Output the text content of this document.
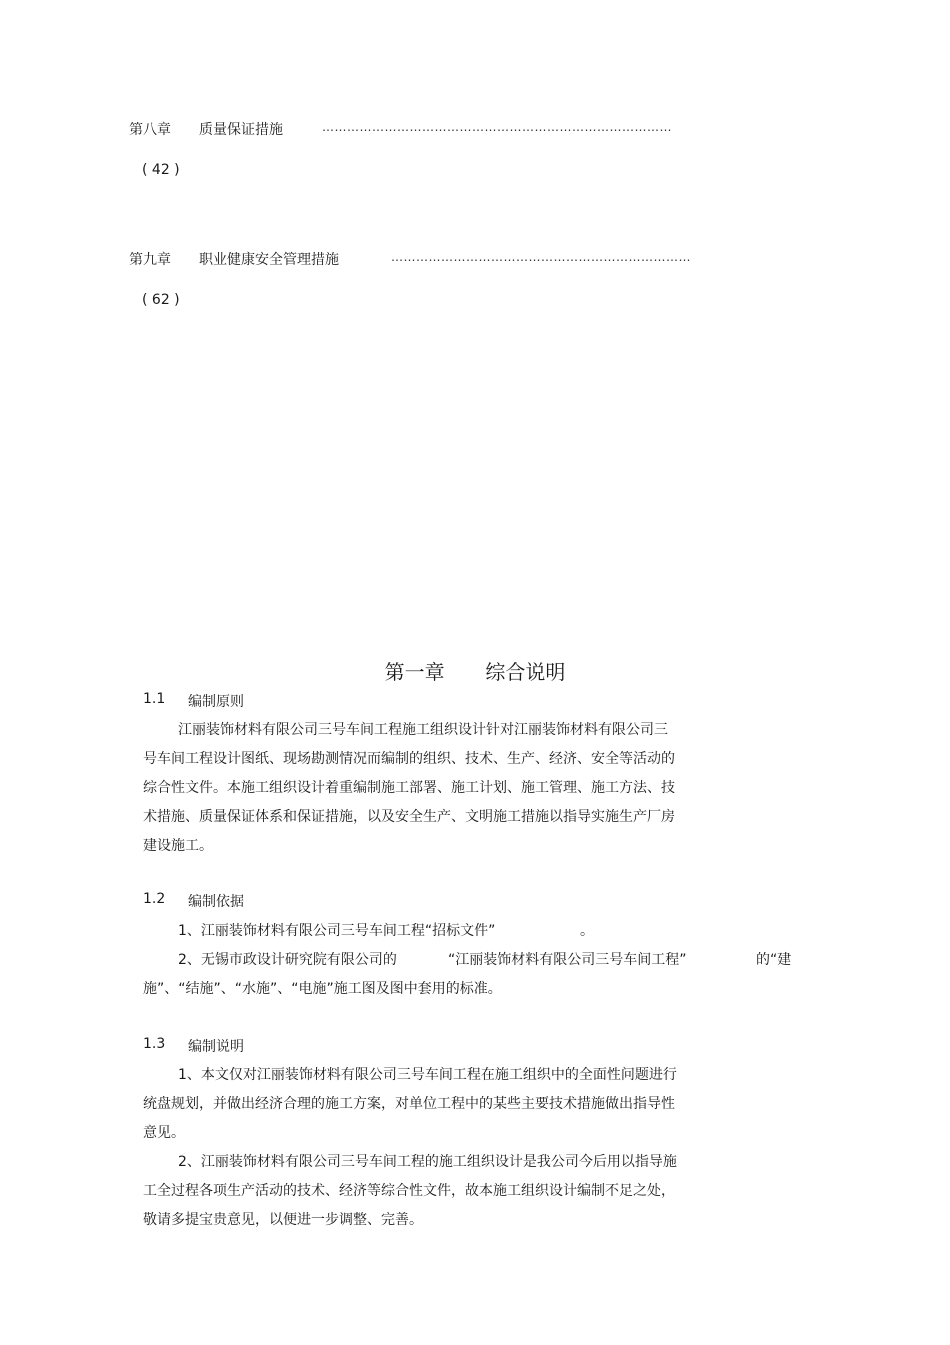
第八章 质量保证措施	…………………………………………………………………………
( 42 )
第九章 职业健康安全管理措施	………………………………………………………………
( 62 )
第一章 综合说明
1.1 编制原则
江丽装饰材料有限公司三号车间工程施工组织设计针对江丽装饰材料有限公司三
号车间工程设计图纸、现场勘测情况而编制的组织、技术、生产、经济、安全等活动的
综合性文件。本施工组织设计着重编制施工部署、施工计划、施工管理、施工方法、技
术措施、质量保证体系和保证措施，以及安全生产、文明施工措施以指导实施生产厂房
建设施工。
1.2 编制依据
1、江丽装饰材料有限公司三号车间工程“招标文件”	。
2、无锡市政设计研究院有限公司的	“江丽装饰材料有限公司三号车间工程”	的“建
施”、“结施”、“水施”、“电施”施工图及图中套用的标准。
1.3 编制说明
1、本文仅对江丽装饰材料有限公司三号车间工程在施工组织中的全面性问题进行
统盘规划，并做出经济合理的施工方案，对单位工程中的某些主要技术措施做出指导性
意见。
2、江丽装饰材料有限公司三号车间工程的施工组织设计是我公司今后用以指导施
工全过程各项生产活动的技术、经济等综合性文件，故本施工组织设计编制不足之处，
敬请多提宝贵意见，以便进一步调整、完善。
